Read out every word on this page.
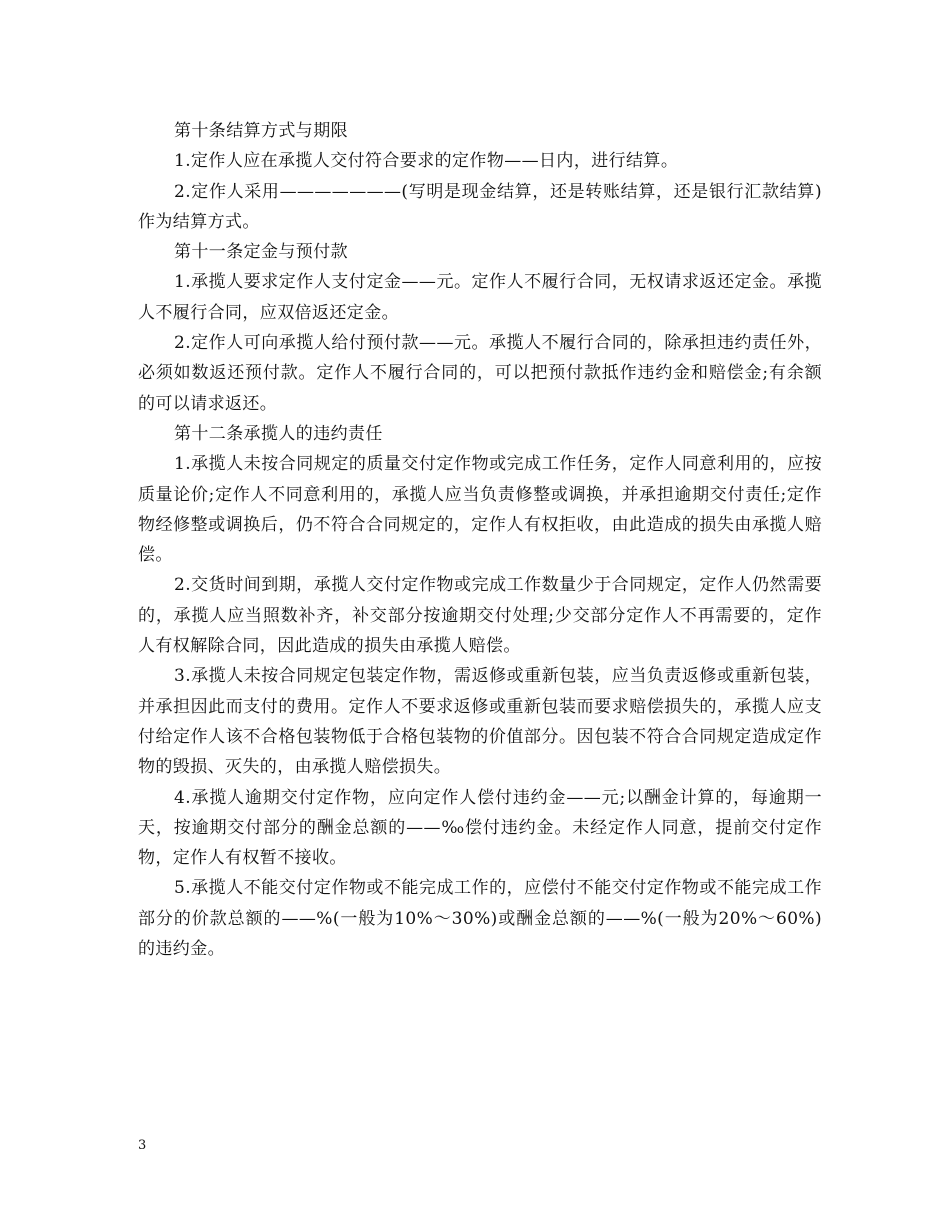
第十条结算方式与期限

1.定作人应在承揽人交付符合要求的定作物——日内，进行结算。

2.定作人采用———————(写明是现金结算，还是转账结算，还是银行汇款结算)作为结算方式。

第十一条定金与预付款

1.承揽人要求定作人支付定金——元。定作人不履行合同，无权请求返还定金。承揽人不履行合同，应双倍返还定金。

2.定作人可向承揽人给付预付款——元。承揽人不履行合同的，除承担违约责任外，必须如数返还预付款。定作人不履行合同的，可以把预付款抵作违约金和赔偿金;有余额的可以请求返还。

第十二条承揽人的违约责任

1.承揽人未按合同规定的质量交付定作物或完成工作任务，定作人同意利用的，应按质量论价;定作人不同意利用的，承揽人应当负责修整或调换，并承担逾期交付责任;定作物经修整或调换后，仍不符合合同规定的，定作人有权拒收，由此造成的损失由承揽人赔偿。

2.交货时间到期，承揽人交付定作物或完成工作数量少于合同规定，定作人仍然需要的，承揽人应当照数补齐，补交部分按逾期交付处理;少交部分定作人不再需要的，定作人有权解除合同，因此造成的损失由承揽人赔偿。

3.承揽人未按合同规定包装定作物，需返修或重新包装，应当负责返修或重新包装，并承担因此而支付的费用。定作人不要求返修或重新包装而要求赔偿损失的，承揽人应支付给定作人该不合格包装物低于合格包装物的价值部分。因包装不符合合同规定造成定作物的毁损、灭失的，由承揽人赔偿损失。

4.承揽人逾期交付定作物，应向定作人偿付违约金——元;以酬金计算的，每逾期一天，按逾期交付部分的酬金总额的——‰偿付违约金。未经定作人同意，提前交付定作物，定作人有权暂不接收。

5.承揽人不能交付定作物或不能完成工作的，应偿付不能交付定作物或不能完成工作部分的价款总额的——%(一般为10%～30%)或酬金总额的——%(一般为20%～60%)的违约金。

3
